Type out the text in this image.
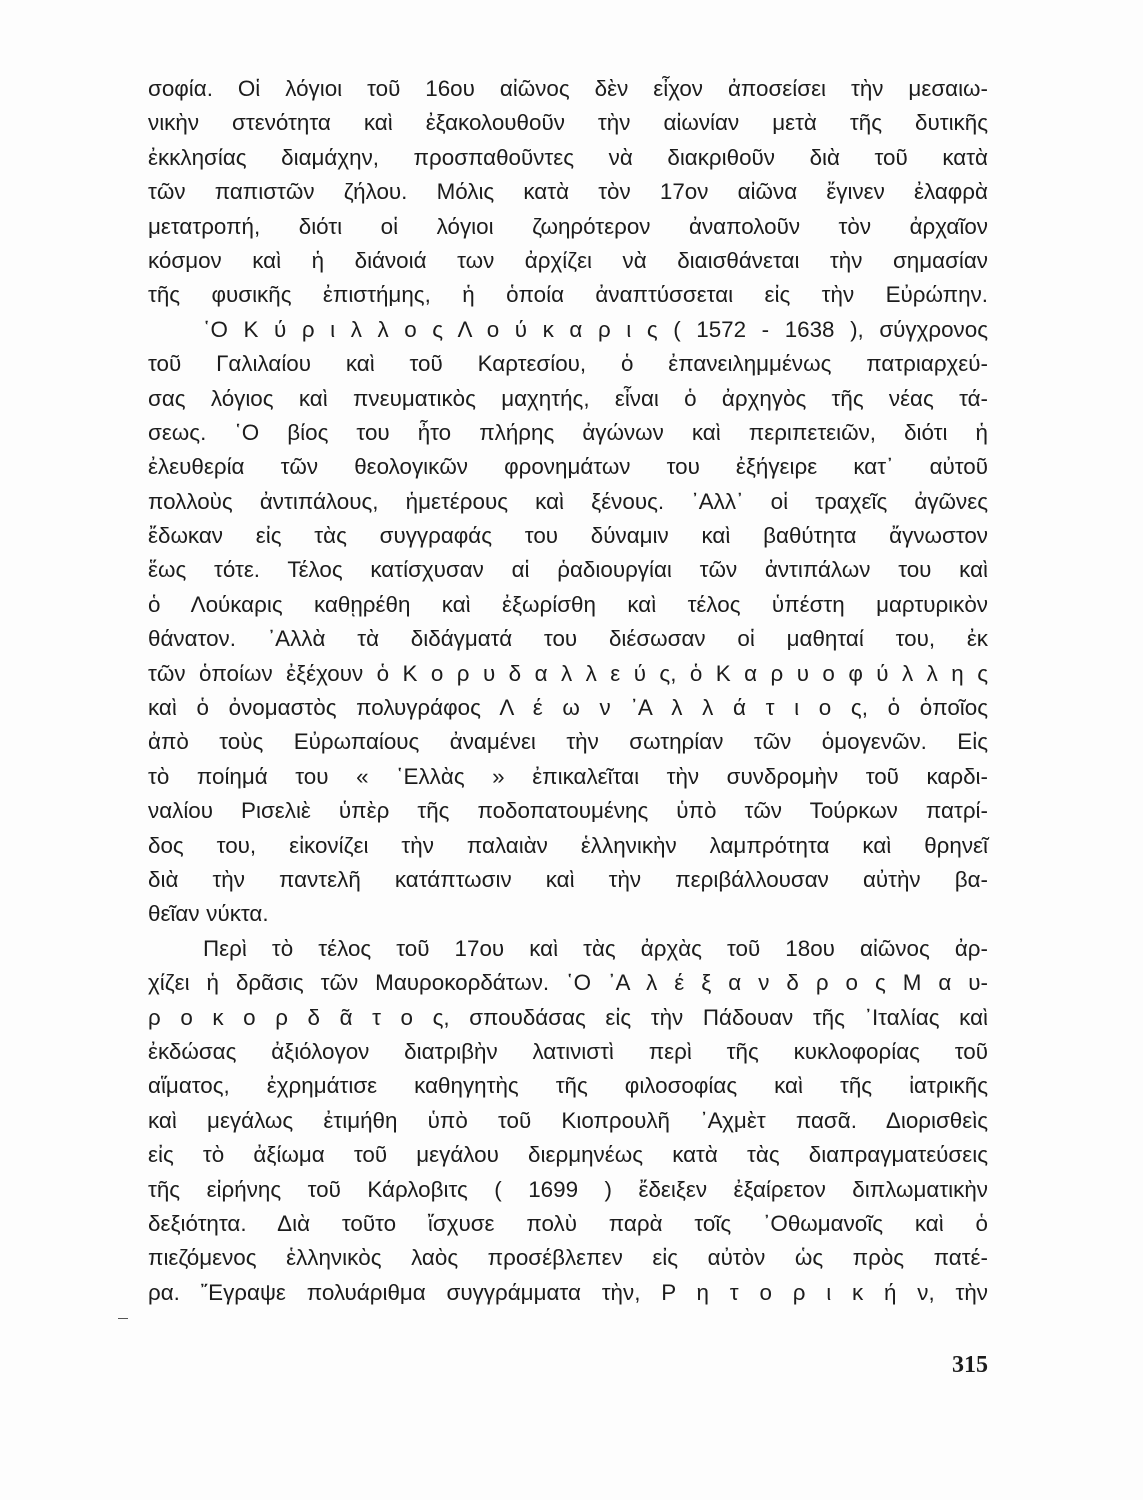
σοφία. Οἱ λόγιοι τοῦ 16ου αἰῶνος δὲν εἶχον ἀποσείσει τὴν μεσαιω-
νικὴν στενότητα καὶ ἐξακολουθοῦν τὴν αἰωνίαν μετὰ τῆς δυτικῆς
ἐκκλησίας διαμάχην, προσπαθοῦντες νὰ διακριθοῦν διὰ τοῦ κατὰ
τῶν παπιστῶν ζήλου. Μόλις κατὰ τὸν 17ον αἰῶνα ἔγινεν ἐλαφρὰ
μετατροπή, διότι οἱ λόγιοι ζωηρότερον ἀναπολοῦν τὸν ἀρχαῖον
κόσμον καὶ ἡ διάνοιά των ἀρχίζει νὰ διαισθάνεται τὴν σημασίαν
τῆς φυσικῆς ἐπιστήμης, ἡ ὁποία ἀναπτύσσεται εἰς τὴν Εὐρώπην.
῾Ο Κ ύ ρ ι λ λ ο ς Λ ο ύ κ α ρ ι ς ( 1572 - 1638 ), σύγχρονος
τοῦ Γαλιλαίου καὶ τοῦ Καρτεσίου, ὁ ἐπανειλημμένως πατριαρχεύ-
σας λόγιος καὶ πνευματικὸς μαχητής, εἶναι ὁ ἀρχηγὸς τῆς νέας τά-
σεως. ῾Ο βίος του ἦτο πλήρης ἀγώνων καὶ περιπετειῶν, διότι ἡ
ἐλευθερία τῶν θεολογικῶν φρονημάτων του ἐξήγειρε κατ᾽ αὐτοῦ
πολλοὺς ἀντιπάλους, ἡμετέρους καὶ ξένους. ᾽Αλλ᾽ οἱ τραχεῖς ἀγῶνες
ἔδωκαν εἰς τὰς συγγραφάς του δύναμιν καὶ βαθύτητα ἄγνωστον
ἕως τότε. Τέλος κατίσχυσαν αἱ ῥαδιουργίαι τῶν ἀντιπάλων του καὶ
ὁ Λούκαρις καθῃρέθη καὶ ἐξωρίσθη καὶ τέλος ὑπέστη μαρτυρικὸν
θάνατον. ᾽Αλλὰ τὰ διδάγματά του διέσωσαν οἱ μαθηταί του, ἐκ
τῶν ὁποίων ἐξέχουν ὁ Κ ο ρ υ δ α λ λ ε ύ ς, ὁ Κ α ρ υ ο φ ύ λ λ η ς
καὶ ὁ ὀνομαστὸς πολυγράφος Λ έ ω ν ᾽Α λ λ ά τ ι ο ς, ὁ ὁποῖος
ἀπὸ τοὺς Εὐρωπαίους ἀναμένει τὴν σωτηρίαν τῶν ὁμογενῶν. Εἰς
τὸ ποίημά του « ῾Ελλὰς » ἐπικαλεῖται τὴν συνδρομὴν τοῦ καρδι-
ναλίου Ρισελιὲ ὑπὲρ τῆς ποδοπατουμένης ὑπὸ τῶν Τούρκων πατρί-
δος του, εἰκονίζει τὴν παλαιὰν ἑλληνικὴν λαμπρότητα καὶ θρηνεῖ
διὰ τὴν παντελῆ κατάπτωσιν καὶ τὴν περιβάλλουσαν αὐτὴν βα-
θεῖαν νύκτα.
Περὶ τὸ τέλος τοῦ 17ου καὶ τὰς ἀρχὰς τοῦ 18ου αἰῶνος ἀρ-
χίζει ἡ δρᾶσις τῶν Μαυροκορδάτων. ῾Ο ᾽Α λ έ ξ α ν δ ρ ο ς Μ α υ-
ρ ο κ ο ρ δ ᾶ τ ο ς, σπουδάσας εἰς τὴν Πάδουαν τῆς ᾽Ιταλίας καὶ
ἐκδώσας ἀξιόλογον διατριβὴν λατινιστὶ περὶ τῆς κυκλοφορίας τοῦ
αἵματος, ἐχρημάτισε καθηγητὴς τῆς φιλοσοφίας καὶ τῆς ἰατρικῆς
καὶ μεγάλως ἐτιμήθη ὑπὸ τοῦ Κιοπρουλῆ ᾽Αχμὲτ πασᾶ. Διορισθεὶς
εἰς τὸ ἀξίωμα τοῦ μεγάλου διερμηνέως κατὰ τὰς διαπραγματεύσεις
τῆς εἰρήνης τοῦ Κάρλοβιτς ( 1699 ) ἔδειξεν ἐξαίρετον διπλωματικὴν
δεξιότητα. Διὰ τοῦτο ἴσχυσε πολὺ παρὰ τοῖς ᾽Οθωμανοῖς καὶ ὁ
πιεζόμενος ἑλληνικὸς λαὸς προσέβλεπεν εἰς αὐτὸν ὡς πρὸς πατέ-
ρα. ῎Εγραψε πολυάριθμα συγγράμματα τὴν, Ρ η τ ο ρ ι κ ή ν, τὴν
315
